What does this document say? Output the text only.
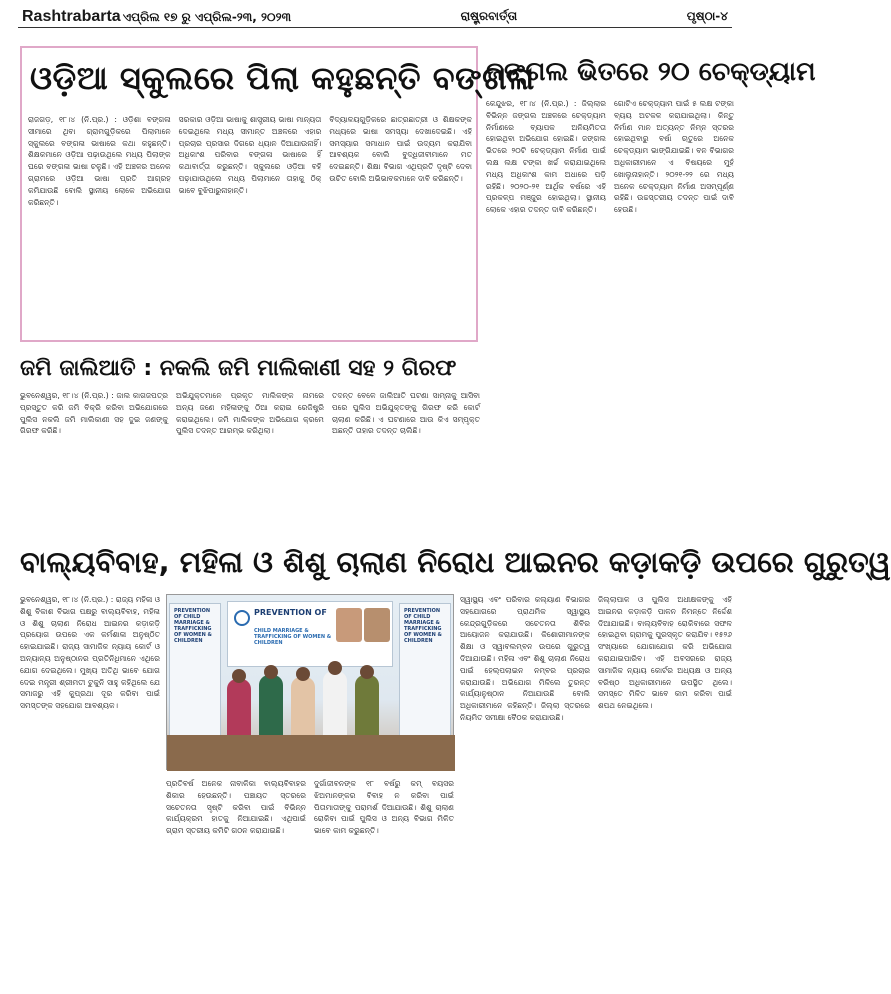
Rashtrabarta ଏପ୍ରିଲ ୧୭ ରୁ ଏପ୍ରିଲ-୨୩, ୨୦୨୩	ରାଷ୍ଟ୍ରବାର୍ତ୍ତା	ପୃଷ୍ଠା-୪
ଓଡ଼ିଆ ସ୍କୁଲରେ ପିଲା କହୁଛନ୍ତି ବଙ୍ଗଳା
ରାଜଗଡ଼, ୧୮।୪ (ନି.ପ୍ର.) : ଓଡ଼ିଶା ବଙ୍ଗଳା ସୀମାରେ ଥିବା ଗ୍ରାମଗୁଡ଼ିକରେ ପିଲାମାନେ ସ୍କୁଲରେ ବଙ୍ଗଳା ଭାଷାରେ କଥା କହୁଛନ୍ତି। ଶିକ୍ଷକମାନେ ଓଡ଼ିଆ ପଢ଼ାଉଥିଲେ ମଧ୍ୟ ପିଲାଙ୍କ ଘରେ ବଙ୍ଗଳା ଭାଷା ଚଳୁଛି। ଏହି ଅଞ୍ଚଳର ଅନେକ ଗ୍ରାମରେ ଓଡ଼ିଆ ଭାଷା ପ୍ରତି ଆଗ୍ରହ କମିଯାଉଛି ବୋଲି ସ୍ଥାନୀୟ ଲୋକେ ଅଭିଯୋଗ କରିଛନ୍ତି।
ସରକାର ଓଡ଼ିଆ ଭାଷାକୁ ଶାସ୍ତ୍ରୀୟ ଭାଷା ମାନ୍ୟତା ଦେଇଥିଲେ ମଧ୍ୟ ସୀମାନ୍ତ ଅଞ୍ଚଳରେ ଏହାର ପ୍ରଚାର ପ୍ରସାର ଦିଗରେ ଧ୍ୟାନ ଦିଆଯାଉନାହିଁ। ଅଧିକାଂଶ ପରିବାର ବଙ୍ଗଳା ଭାଷାରେ ହିଁ କଥାବାର୍ତ୍ତା କରୁଛନ୍ତି। ସ୍କୁଲରେ ଓଡ଼ିଆ ବହି ପଢ଼ାଯାଉଥିଲେ ମଧ୍ୟ ପିଲାମାନେ ତାହାକୁ ଠିକ୍ ଭାବେ ବୁଝିପାରୁନାହାନ୍ତି।
ବିଦ୍ୟାଳୟଗୁଡ଼ିକରେ ଛାତ୍ରଛାତ୍ରୀ ଓ ଶିକ୍ଷକଙ୍କ ମଧ୍ୟରେ ଭାଷା ସମସ୍ୟା ଦେଖାଦେଇଛି। ଏହି ସମସ୍ୟାର ସମାଧାନ ପାଇଁ ଉଦ୍ୟମ କରାଯିବା ଆବଶ୍ୟକ ବୋଲି ବୁଦ୍ଧିଜୀବୀମାନେ ମତ ଦେଇଛନ୍ତି। ଶିକ୍ଷା ବିଭାଗ ଏଥିପ୍ରତି ଦୃଷ୍ଟି ଦେବା ଉଚିତ ବୋଲି ଅଭିଭାବକମାନେ ଦାବି କରିଛନ୍ତି।
ଜଙ୍ଗଲ ଭିତରେ ୨୦ ଚେକ୍‌ଡ୍ୟାମ
କେନ୍ଦୁଝର, ୧୮।୪ (ନି.ପ୍ର.) : ଜିଲ୍ଲାର ବିଭିନ୍ନ ଜଙ୍ଗଲ ଅଞ୍ଚଳରେ ଚେକ୍‌ଡ୍ୟାମ ନିର୍ମାଣରେ ବ୍ୟାପକ ଅନିୟମିତତା ହୋଇଥିବା ଅଭିଯୋଗ ହୋଇଛି। ଜଙ୍ଗଲ ଭିତରେ ୨୦ଟି ଚେକ୍‌ଡ୍ୟାମ ନିର୍ମାଣ ପାଇଁ ଲକ୍ଷ ଲକ୍ଷ ଟଙ୍କା ଖର୍ଚ୍ଚ କରାଯାଇଥିଲେ ମଧ୍ୟ ଅଧିକାଂଶ କାମ ଅଧାରେ ପଡ଼ି ରହିଛି। ୨୦୨୦-୨୧ ଆର୍ଥିକ ବର୍ଷରେ ଏହି ପ୍ରକଳ୍ପ ମଞ୍ଜୁର ହୋଇଥିଲା। ସ୍ଥାନୀୟ ଲୋକେ ଏହାର ତଦନ୍ତ ଦାବି କରିଛନ୍ତି।
ଗୋଟିଏ ଚେକ୍‌ଡ୍ୟାମ ପାଇଁ ୫ ଲକ୍ଷ ଟଙ୍କା ବ୍ୟୟ ଅଟକଳ କରାଯାଇଥିଲା। କିନ୍ତୁ ନିର୍ମାଣ ମାନ ଅତ୍ୟନ୍ତ ନିମ୍ନ ସ୍ତରର ହୋଇଥିବାରୁ ବର୍ଷା ଋତୁରେ ଅନେକ ଚେକ୍‌ଡ୍ୟାମ ଭାଙ୍ଗିଯାଇଛି। ବନ ବିଭାଗର ଅଧିକାରୀମାନେ ଏ ବିଷୟରେ ମୁହଁ ଖୋଲୁନାହାନ୍ତି। ୨୦୨୧-୨୨ ରେ ମଧ୍ୟ ଅନେକ ଚେକ୍‌ଡ୍ୟାମ ନିର୍ମାଣ ଅସମ୍ପୂର୍ଣ୍ଣ ରହିଛି। ଉଚ୍ଚସ୍ତରୀୟ ତଦନ୍ତ ପାଇଁ ଦାବି ହେଉଛି।
ଜମି ଜାଲିଆତି : ନକଲି ଜମି ମାଲିକାଣୀ ସହ ୨ ଗିରଫ
ଭୁବନେଶ୍ୱର, ୧୮।୪ (ନି.ପ୍ର.) : ଜାଲ କାଗଜପତ୍ର ପ୍ରସ୍ତୁତ କରି ଜମି ବିକ୍ରି କରିବା ଅଭିଯୋଗରେ ପୁଲିସ ନକଲି ଜମି ମାଲିକାଣୀ ସହ ଦୁଇ ଜଣଙ୍କୁ ଗିରଫ କରିଛି।
ଅଭିଯୁକ୍ତମାନେ ପ୍ରକୃତ ମାଲିକଙ୍କ ନାମରେ ଅନ୍ୟ ଜଣେ ମହିଳାଙ୍କୁ ଠିଆ କରାଇ ରେଜିଷ୍ଟ୍ରି କରାଇଥିଲେ। ଜମି ମାଲିକଙ୍କ ଅଭିଯୋଗ କ୍ରମେ ପୁଲିସ ତଦନ୍ତ ଆରମ୍ଭ କରିଥିଲା।
ତଦନ୍ତ ବେଳେ ଜାଲିଆତି ଘଟଣା ସାମ୍ନାକୁ ଆସିବା ପରେ ପୁଲିସ ଅଭିଯୁକ୍ତଙ୍କୁ ଗିରଫ କରି କୋର୍ଟ ଚାଲାଣ କରିଛି। ଏ ଘଟଣାରେ ଆଉ କିଏ ସମ୍ପୃକ୍ତ ଅଛନ୍ତି ତାହାର ତଦନ୍ତ ଚାଲିଛି।
ବାଲ୍ୟବିବାହ, ମହିଳା ଓ ଶିଶୁ ଚାଲାଣ ନିରୋଧ ଆଇନର କଡ଼ାକଡ଼ି ଉପରେ ଗୁରୁତ୍ୱ
ଭୁବନେଶ୍ୱର, ୧୮।୪ (ନି.ପ୍ର.) : ରାଜ୍ୟ ମହିଳା ଓ ଶିଶୁ ବିକାଶ ବିଭାଗ ପକ୍ଷରୁ ବାଲ୍ୟବିବାହ, ମହିଳା ଓ ଶିଶୁ ଚାଲାଣ ନିରୋଧ ଆଇନର କଡ଼ାକଡ଼ି ପ୍ରୟୋଗ ଉପରେ ଏକ କର୍ମଶାଳା ଅନୁଷ୍ଠିତ ହୋଇଯାଇଛି। ରାଜ୍ୟ ସାମାଜିକ ନ୍ୟାୟ କୋର୍ଟ ଓ ଅନ୍ୟାନ୍ୟ ଅନୁଷ୍ଠାନର ପ୍ରତିନିଧିମାନେ ଏଥିରେ ଯୋଗ ଦେଇଥିଲେ। ମୁଖ୍ୟ ଅତିଥି ଭାବେ ଯୋଗ ଦେଇ ମନ୍ତ୍ରୀ ଶ୍ରୀମତୀ ଟୁକୁନି ସାହୁ କହିଥିଲେ ଯେ ସମାଜରୁ ଏହି କୁପ୍ରଥା ଦୂର କରିବା ପାଇଁ ସମସ୍ତଙ୍କ ସହଯୋଗ ଆବଶ୍ୟକ।
PREVENTION OF CHILD MARRIAGE & TRAFFICKING OF WOMEN & CHILDREN
PREVENTION OF
CHILD MARRIAGE & TRAFFICKING OF WOMEN & CHILDREN
PREVENTION OF CHILD MARRIAGE & TRAFFICKING OF WOMEN & CHILDREN
ପ୍ରତିବର୍ଷ ଅନେକ ନାବାଳିକା ବାଲ୍ୟବିବାହର ଶିକାର ହେଉଛନ୍ତି। ପଞ୍ଚାୟତ ସ୍ତରରେ ସଚେତନତା ସୃଷ୍ଟି କରିବା ପାଇଁ ବିଭିନ୍ନ କାର୍ଯ୍ୟକ୍ରମ ହାତକୁ ନିଆଯାଇଛି। ଏଥିପାଇଁ ଗ୍ରାମ ସ୍ତରୀୟ କମିଟି ଗଠନ କରାଯାଇଛି।
ଦୁର୍ଗାଜୀବନଙ୍କ ୧୮ ବର୍ଷରୁ କମ୍ ବୟସର ଝିଅମାନଙ୍କର ବିବାହ ନ କରିବା ପାଇଁ ପିତାମାତାଙ୍କୁ ପରାମର୍ଶ ଦିଆଯାଉଛି। ଶିଶୁ ଚାଲାଣ ରୋକିବା ପାଇଁ ପୁଲିସ ଓ ଅନ୍ୟ ବିଭାଗ ମିଳିତ ଭାବେ କାମ କରୁଛନ୍ତି।
ସ୍ୱାସ୍ଥ୍ୟ ଏବଂ ପରିବାର କଲ୍ୟାଣ ବିଭାଗର ସହଯୋଗରେ ପ୍ରାଥମିକ ସ୍ୱାସ୍ଥ୍ୟ କେନ୍ଦ୍ରଗୁଡ଼ିକରେ ସଚେତନତା ଶିବିର ଆୟୋଜନ କରାଯାଉଛି। କିଶୋରୀମାନଙ୍କ ଶିକ୍ଷା ଓ ସ୍ୱାବଲମ୍ବନ ଉପରେ ଗୁରୁତ୍ୱ ଦିଆଯାଉଛି। ମହିଳା ଏବଂ ଶିଶୁ ଚାଲାଣ ନିରୋଧ ପାଇଁ ହେଲ୍ପଲାଇନ ନମ୍ବର ପ୍ରଚାର କରାଯାଉଛି। ଅଭିଯୋଗ ମିଳିଲେ ତୁରନ୍ତ କାର୍ଯ୍ୟାନୁଷ୍ଠାନ ନିଆଯାଉଛି ବୋଲି ଅଧିକାରୀମାନେ କହିଛନ୍ତି। ଜିଲ୍ଲା ସ୍ତରରେ ନିୟମିତ ସମୀକ୍ଷା ବୈଠକ କରାଯାଉଛି।
ଜିଲ୍ଲାପାଳ ଓ ପୁଲିସ ଅଧୀକ୍ଷକଙ୍କୁ ଏହି ଆଇନର କଡ଼ାକଡ଼ି ପାଳନ ନିମନ୍ତେ ନିର୍ଦ୍ଦେଶ ଦିଆଯାଇଛି। ବାଲ୍ୟବିବାହ ରୋକିବାରେ ସଫଳ ହୋଇଥିବା ଗ୍ରାମକୁ ପୁରସ୍କୃତ କରାଯିବ। ୧୫୨୬ ସଂଖ୍ୟାରେ ଯୋଗାଯୋଗ କରି ଅଭିଯୋଗ କରାଯାଇପାରିବ। ଏହି ଅବସରରେ ରାଜ୍ୟ ସାମାଜିକ ନ୍ୟାୟ କୋର୍ଟର ଅଧ୍ୟକ୍ଷ ଓ ଅନ୍ୟ ବରିଷ୍ଠ ଅଧିକାରୀମାନେ ଉପସ୍ଥିତ ଥିଲେ। ସମସ୍ତେ ମିଳିତ ଭାବେ କାମ କରିବା ପାଇଁ ଶପଥ ନେଇଥିଲେ।
